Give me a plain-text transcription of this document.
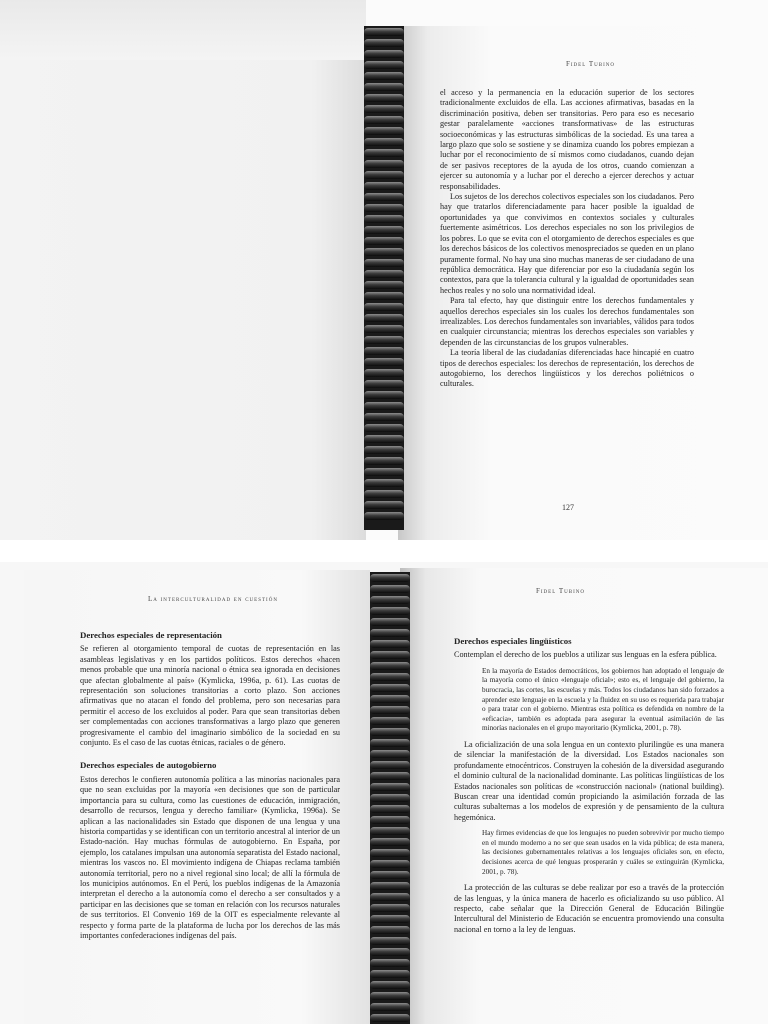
Fidel Tubino

el acceso y la permanencia en la educación superior de los sectores tradicionalmente excluidos de ella. Las acciones afirmativas, basadas en la discriminación positiva, deben ser transitorias. Pero para eso es necesario gestar paralelamente «acciones transformativas» de las estructuras socioeconómicas y las estructuras simbólicas de la sociedad. Es una tarea a largo plazo que solo se sostiene y se dinamiza cuando los pobres empiezan a luchar por el reconocimiento de sí mismos como ciudadanos, cuando dejan de ser pasivos receptores de la ayuda de los otros, cuando comienzan a ejercer su autonomía y a luchar por el derecho a ejercer derechos y actuar responsabilidades.

Los sujetos de los derechos colectivos especiales son los ciudadanos. Pero hay que tratarlos diferenciadamente para hacer posible la igualdad de oportunidades ya que convivimos en contextos sociales y culturales fuertemente asimétricos. Los derechos especiales no son los privilegios de los pobres. Lo que se evita con el otorgamiento de derechos especiales es que los derechos básicos de los colectivos menospreciados se queden en un plano puramente formal. No hay una sino muchas maneras de ser ciudadano de una república democrática. Hay que diferenciar por eso la ciudadanía según los contextos, para que la tolerancia cultural y la igualdad de oportunidades sean hechos reales y no solo una normatividad ideal.

Para tal efecto, hay que distinguir entre los derechos fundamentales y aquellos derechos especiales sin los cuales los derechos fundamentales son irrealizables. Los derechos fundamentales son invariables, válidos para todos en cualquier circunstancia; mientras los derechos especiales son variables y dependen de las circunstancias de los grupos vulnerables.

La teoría liberal de las ciudadanías diferenciadas hace hincapié en cuatro tipos de derechos especiales: los derechos de representación, los derechos de autogobierno, los derechos lingüísticos y los derechos poliétnicos o culturales.

127
La interculturalidad en cuestión
Derechos especiales de representación

Se refieren al otorgamiento temporal de cuotas de representación en las asambleas legislativas y en los partidos políticos. Estos derechos «hacen menos probable que una minoría nacional o étnica sea ignorada en decisiones que afectan globalmente al país» (Kymlicka, 1996a, p. 61). Las cuotas de representación son soluciones transitorias a corto plazo. Son acciones afirmativas que no atacan el fondo del problema, pero son necesarias para permitir el acceso de los excluidos al poder. Para que sean transitorias deben ser complementadas con acciones transformativas a largo plazo que generen progresivamente el cambio del imaginario simbólico de la sociedad en su conjunto. Es el caso de las cuotas étnicas, raciales o de género.

Derechos especiales de autogobierno

Estos derechos le confieren autonomía política a las minorías nacionales para que no sean excluidas por la mayoría «en decisiones que son de particular importancia para su cultura, como las cuestiones de educación, inmigración, desarrollo de recursos, lengua y derecho familiar» (Kymlicka, 1996a). Se aplican a las nacionalidades sin Estado que disponen de una lengua y una historia compartidas y se identifican con un territorio ancestral al interior de un Estado-nación. Hay muchas fórmulas de autogobierno. En España, por ejemplo, los catalanes impulsan una autonomía separatista del Estado nacional, mientras los vascos no. El movimiento indígena de Chiapas reclama también autonomía territorial, pero no a nivel regional sino local; de allí la fórmula de los municipios autónomos. En el Perú, los pueblos indígenas de la Amazonía interpretan el derecho a la autonomía como el derecho a ser consultados y a participar en las decisiones que se toman en relación con los recursos naturales de sus territorios. El Convenio 169 de la OIT es especialmente relevante al respecto y forma parte de la plataforma de lucha por los derechos de las más importantes confederaciones indígenas del país.

Fidel Tubino
Derechos especiales lingüísticos

Contemplan el derecho de los pueblos a utilizar sus lenguas en la esfera pública.

En la mayoría de Estados democráticos, los gobiernos han adoptado el lenguaje de la mayoría como el único «lenguaje oficial»; esto es, el lenguaje del gobierno, la burocracia, las cortes, las escuelas y más. Todos los ciudadanos han sido forzados a aprender este lenguaje en la escuela y la fluidez en su uso es requerida para trabajar o para tratar con el gobierno. Mientras esta política es defendida en nombre de la «eficacia», también es adoptada para asegurar la eventual asimilación de las minorías nacionales en el grupo mayoritario (Kymlicka, 2001, p. 78).

La oficialización de una sola lengua en un contexto plurilingüe es una manera de silenciar la manifestación de la diversidad. Los Estados nacionales son profundamente etnocéntricos. Construyen la cohesión de la diversidad asegurando el dominio cultural de la nacionalidad dominante. Las políticas lingüísticas de los Estados nacionales son políticas de «construcción nacional» (national building). Buscan crear una identidad común propiciando la asimilación forzada de las culturas subalternas a los modelos de expresión y de pensamiento de la cultura hegemónica.

Hay firmes evidencias de que los lenguajes no pueden sobrevivir por mucho tiempo en el mundo moderno a no ser que sean usados en la vida pública; de esta manera, las decisiones gubernamentales relativas a los lenguajes oficiales son, en efecto, decisiones acerca de qué lenguas prosperarán y cuáles se extinguirán (Kymlicka, 2001, p. 78).

La protección de las culturas se debe realizar por eso a través de la protección de las lenguas, y la única manera de hacerlo es oficializando su uso público. Al respecto, cabe señalar que la Dirección General de Educación Bilingüe Intercultural del Ministerio de Educación se encuentra promoviendo una consulta nacional en torno a la ley de lenguas.
